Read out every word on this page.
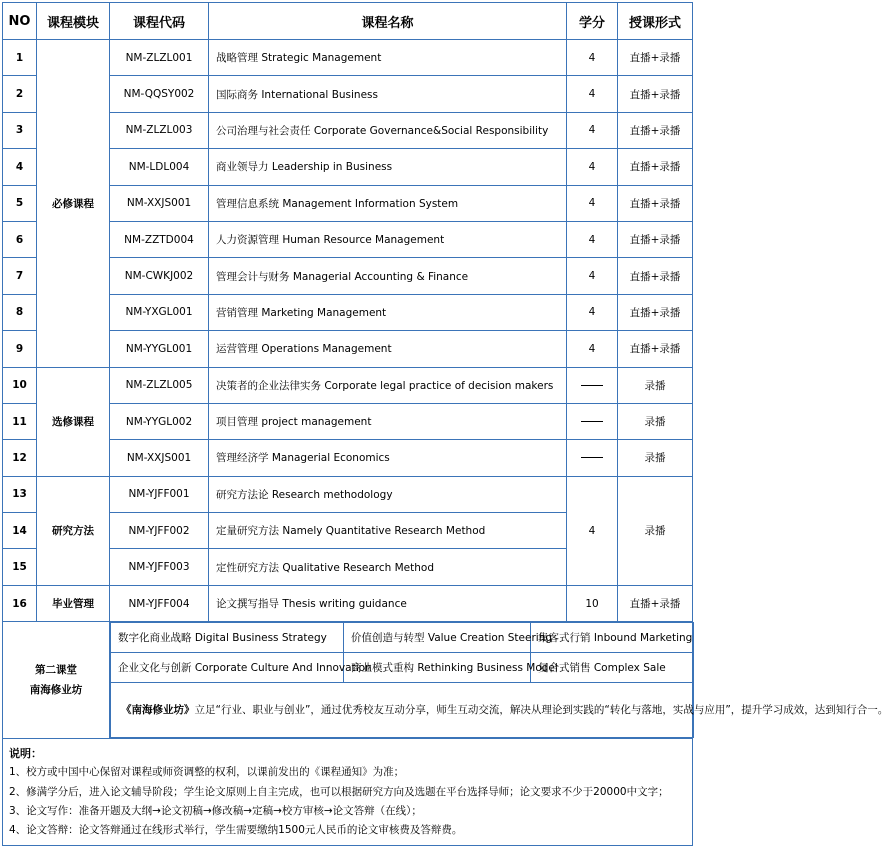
NO	课程模块	课程代码	课程名称	学分	授课形式
1	必修课程	NM-ZLZL001	战略管理 Strategic Management	4	直播+录播
2	NM-QQSY002	国际商务 International Business	4	直播+录播
3	NM-ZLZL003	公司治理与社会责任 Corporate Governance&Social Responsibility	4	直播+录播
4	NM-LDL004	商业领导力 Leadership in Business	4	直播+录播
5	NM-XXJS001	管理信息系统 Management Information System	4	直播+录播
6	NM-ZZTD004	人力资源管理 Human Resource Management	4	直播+录播
7	NM-CWKJ002	管理会计与财务 Managerial Accounting & Finance	4	直播+录播
8	NM-YXGL001	营销管理 Marketing Management	4	直播+录播
9	NM-YYGL001	运营管理 Operations Management	4	直播+录播
10	选修课程	NM-ZLZL005	决策者的企业法律实务 Corporate legal practice of decision makers		录播
11	NM-YYGL002	项目管理 project management		录播
12	NM-XXJS001	管理经济学 Managerial Economics		录播
13	研究方法	NM-YJFF001	研究方法论 Research methodology	4	录播
14	NM-YJFF002	定量研究方法 Namely Quantitative Research Method
15	NM-YJFF003	定性研究方法 Qualitative Research Method
16	毕业管理	NM-YJFF004	论文撰写指导 Thesis writing guidance	10	直播+录播

第二课堂
南海修业坊

数字化商业战略 Digital Business Strategy	价值创造与转型 Value Creation Steering	集客式行销 Inbound Marketing
企业文化与创新 Corporate Culture And Innovation	商业模式重构 Rethinking Business Model	复合式销售 Complex Sale
《南海修业坊》立足“行业、职业与创业”，通过优秀校友互动分享，师生互动交流，解决从理论到实践的“转化与落地，实战与应用”，提升学习成效，达到知行合一。

说明：
1、校方或中国中心保留对课程或师资调整的权利，以课前发出的《课程通知》为准；
2、修满学分后，进入论文辅导阶段；学生论文原则上自主完成，也可以根据研究方向及选题在平台选择导师；论文要求不少于20000中文字；
3、论文写作：准备开题及大纲→论文初稿→修改稿→定稿→校方审核→论文答辩（在线）；
4、论文答辩：论文答辩通过在线形式举行，学生需要缴纳1500元人民币的论文审核费及答辩费。
